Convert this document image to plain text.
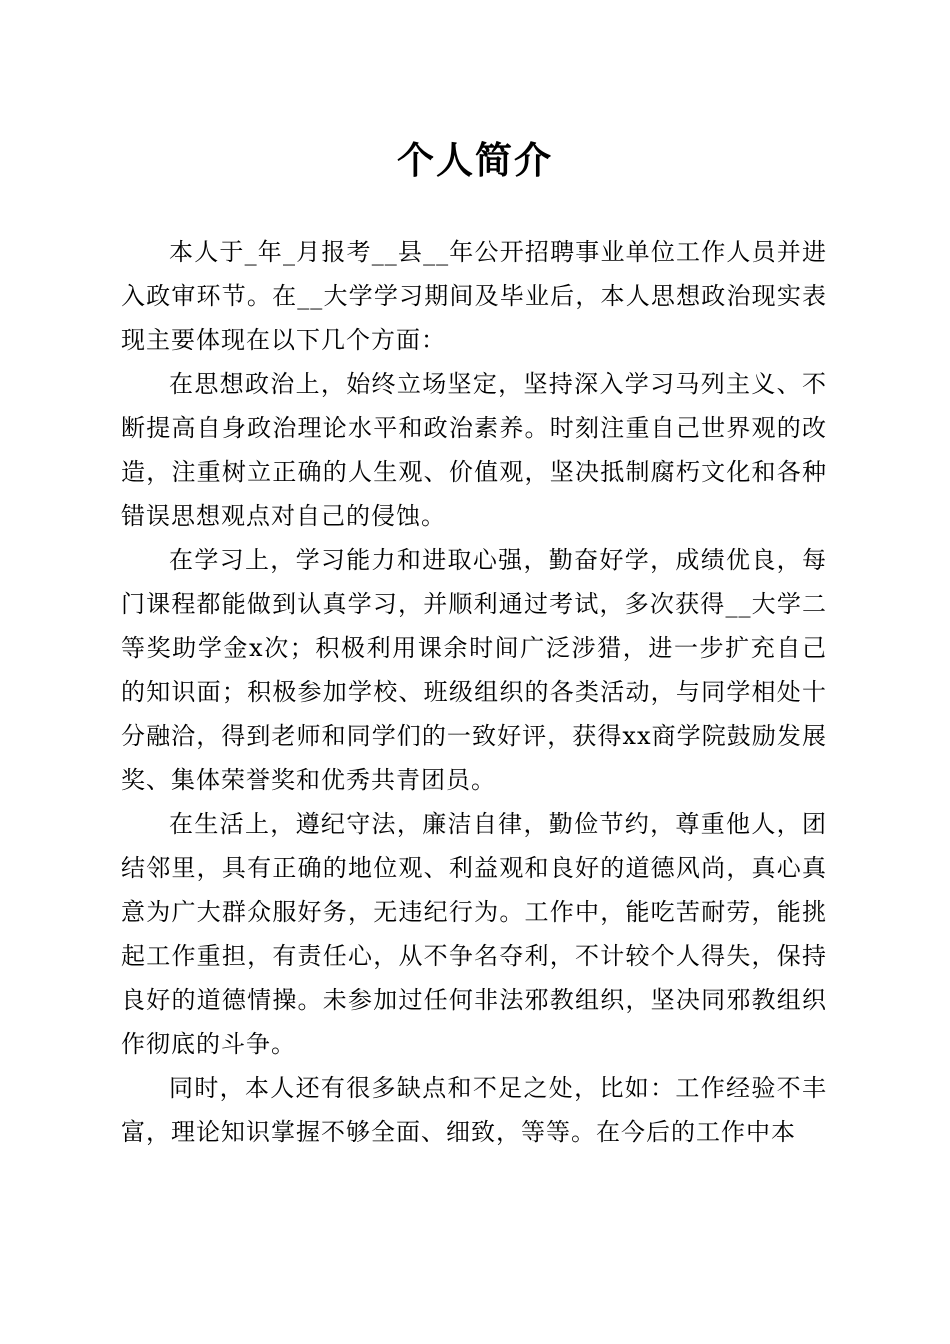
个人简介

本人于_年_月报考__县__年公开招聘事业单位工作人员并进入政审环节。在__大学学习期间及毕业后，本人思想政治现实表现主要体现在以下几个方面：

在思想政治上，始终立场坚定，坚持深入学习马列主义、不断提高自身政治理论水平和政治素养。时刻注重自己世界观的改造，注重树立正确的人生观、价值观，坚决抵制腐朽文化和各种错误思想观点对自己的侵蚀。

在学习上，学习能力和进取心强，勤奋好学，成绩优良，每门课程都能做到认真学习，并顺利通过考试，多次获得__大学二等奖助学金x次；积极利用课余时间广泛涉猎，进一步扩充自己的知识面；积极参加学校、班级组织的各类活动，与同学相处十分融洽，得到老师和同学们的一致好评，获得xx商学院鼓励发展奖、集体荣誉奖和优秀共青团员。

在生活上，遵纪守法，廉洁自律，勤俭节约，尊重他人，团结邻里，具有正确的地位观、利益观和良好的道德风尚，真心真意为广大群众服好务，无违纪行为。工作中，能吃苦耐劳，能挑起工作重担，有责任心，从不争名夺利，不计较个人得失，保持良好的道德情操。未参加过任何非法邪教组织，坚决同邪教组织作彻底的斗争。

同时，本人还有很多缺点和不足之处，比如：工作经验不丰富，理论知识掌握不够全面、细致，等等。在今后的工作中本
